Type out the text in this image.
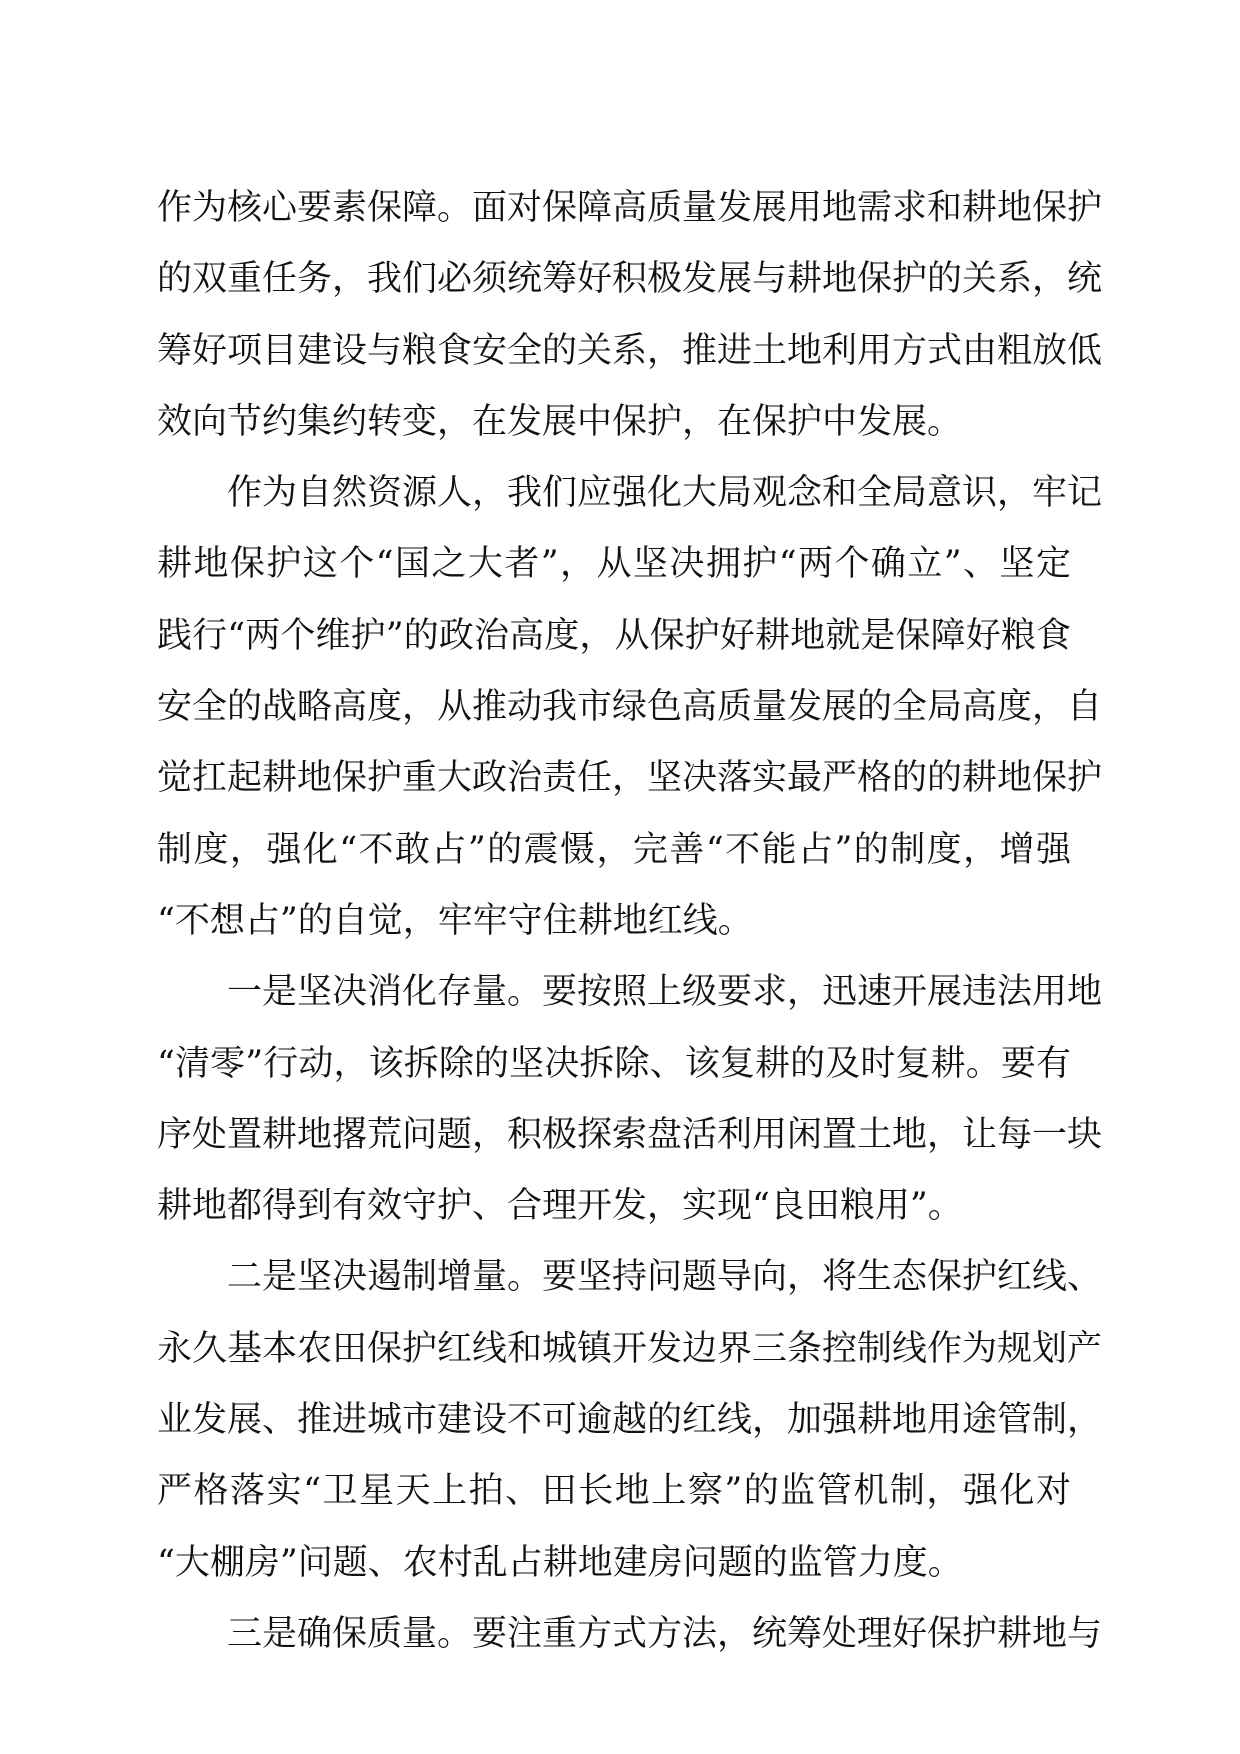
作为核心要素保障。面对保障高质量发展用地需求和耕地保护
的双重任务，我们必须统筹好积极发展与耕地保护的关系，统
筹好项目建设与粮食安全的关系，推进土地利用方式由粗放低
效向节约集约转变，在发展中保护，在保护中发展。
作为自然资源人，我们应强化大局观念和全局意识，牢记
耕地保护这个“国之大者”，从坚决拥护“两个确立”、坚定
践行“两个维护”的政治高度，从保护好耕地就是保障好粮食
安全的战略高度，从推动我市绿色高质量发展的全局高度，自
觉扛起耕地保护重大政治责任，坚决落实最严格的的耕地保护
制度，强化“不敢占”的震慑，完善“不能占”的制度，增强
“不想占”的自觉，牢牢守住耕地红线。
一是坚决消化存量。要按照上级要求，迅速开展违法用地
“清零”行动，该拆除的坚决拆除、该复耕的及时复耕。要有
序处置耕地撂荒问题，积极探索盘活利用闲置土地，让每一块
耕地都得到有效守护、合理开发，实现“良田粮用”。
二是坚决遏制增量。要坚持问题导向，将生态保护红线、
永久基本农田保护红线和城镇开发边界三条控制线作为规划产
业发展、推进城市建设不可逾越的红线，加强耕地用途管制，
严格落实“卫星天上拍、田长地上察”的监管机制，强化对
“大棚房”问题、农村乱占耕地建房问题的监管力度。
三是确保质量。要注重方式方法，统筹处理好保护耕地与
